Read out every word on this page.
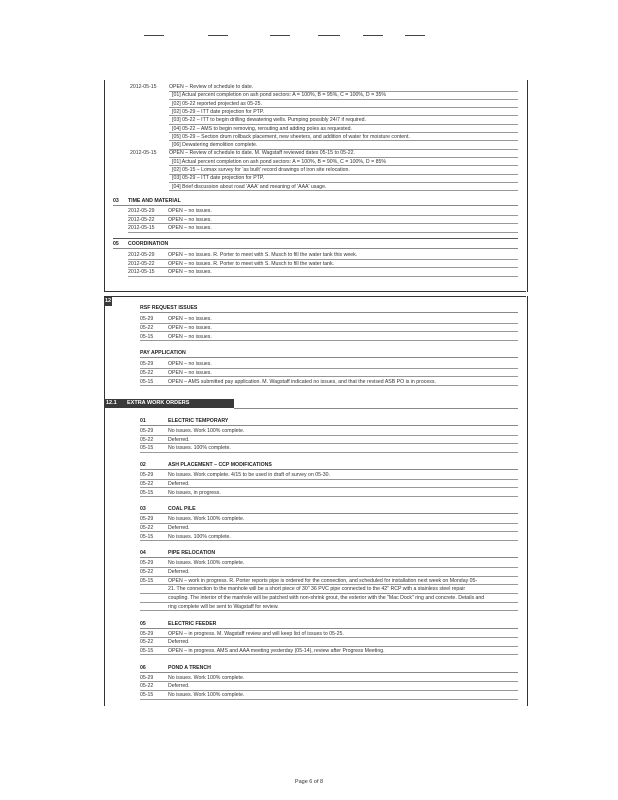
2012-05-15 OPEN – Review of schedule to date.
[01] Actual percent completion on ash pond sectors: A = 100%, B = 95%, C = 100%, D = 35%
[02] 05-22 reported projected as 05-25.
[02] 05-29 – ITT date projection for PTP.
[03] 05-22 – ITT to begin drilling dewatering wells. Pumping possibly 24/7 if required.
[04] 05-22 – AMS to begin removing, rerouting and adding poles as requested.
[05] 05-29 – Section drum rollback placement, new sheeters, and addition of water for moisture content.
[06] Dewatering demolition complete.
2012-05-15 OPEN – Review of schedule to date. M. Wagstaff reviewed dates 05-15 to 05-22.
[01] Actual percent completion on ash pond sectors: A = 100%, B = 90%, C = 100%, D = 85%
[02] 05-15 – Lomax survey for 'as built' record drawings of iron site relocation.
[03] 05-29 – ITT date projection for PTP.
[04] Brief discussion about road 'AAA' and meaning of 'AAA' usage.
03 TIME AND MATERIAL
2012-05-29	OPEN – no issues.
2012-05-22	OPEN – no issues.
2012-05-15	OPEN – no issues.
05 COORDINATION
2012-05-29	OPEN – no issues. R. Porter to meet with S. Musch to fill the water tank this week.
2012-05-22	OPEN – no issues. R. Porter to meet with S. Musch to fill the water tank.
2012-05-15	OPEN – no issues.
12
RSF REQUEST ISSUES
05-29	OPEN – no issues.
05-22	OPEN – no issues.
05-15	OPEN – no issues.
PAY APPLICATION
05-29	OPEN – no issues.
05-22	OPEN – no issues.
05-15	OPEN – AMS submitted pay application. M. Wagstaff indicated no issues, and that the revised ASB PO is in process.
12.1 EXTRA WORK ORDERS
01	ELECTRIC TEMPORARY
05-29	No issues. Work 100% complete.
05-22	Deferred.
05-15	No issues. 100% complete.
02	ASH PLACEMENT – CCP MODIFICATIONS
05-29	No issues. Work complete. 4/15 to be used in draft of survey on 05-30.
05-22	Deferred.
05-15	No issues, in progress.
03	COAL PILE
05-29	No issues. Work 100% complete.
05-22	Deferred.
05-15	No issues. 100% complete.
04	PIPE RELOCATION
05-29	No issues. Work 100% complete.
05-22	Deferred.
05-15	OPEN – work in progress. R. Porter reports pipe is ordered for the connection, and scheduled for installation next week on Monday 05-
21. The connection to the manhole will be a short piece of 30" 36 PVC pipe connected to the 42" RCP with a stainless steel repair
coupling. The interior of the manhole will be patched with non-shrink grout, the exterior with the "Mac Dock" ring and concrete. Details and
ring complete will be sent to Wagstaff for review.
05	ELECTRIC FEEDER
05-29	OPEN – in progress. M. Wagstaff review and will keep list of issues to 05-25.
05-22	Deferred.
05-15	OPEN – in progress. AMS and AAA meeting yesterday (05-14), review after Progress Meeting.
06	POND A TRENCH
05-29	No issues. Work 100% complete.
05-22	Deferred.
05-15	No issues. Work 100% complete.
Page 6 of 8
